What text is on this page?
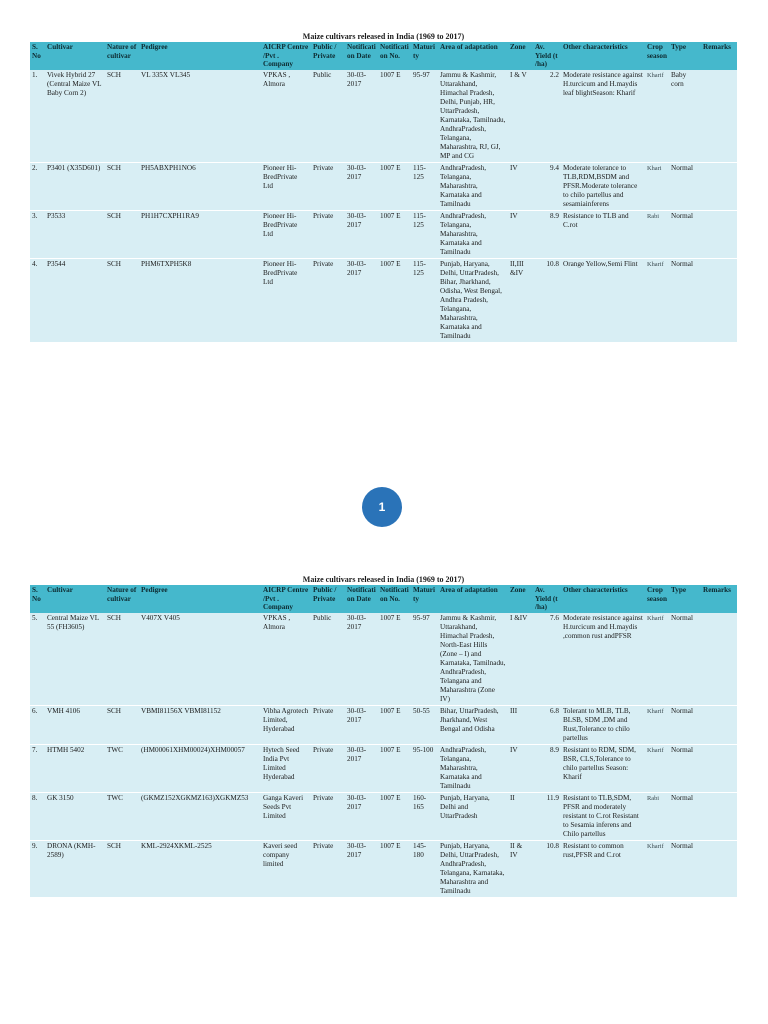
Maize cultivars released in India (1969 to 2017)
S. No	Cultivar	Nature of cultivar	Pedigree	AICRP Centre /Pvt . Company	Public / Private	Notification Date	Notification No.	Maturity	Area of adaptation	Zone	Av. Yield (t /ha)	Other characteristics	Crop season	Type	Remarks
1.	Vivek Hybrid 27 (Central Maize VL Baby Corn 2)	SCH	VL 335X VL345	VPKAS , Almora	Public	30-03-2017	1007 E	95-97	Jammu & Kashmir, Uttarakhand, Himachal Pradesh, Delhi, Punjab, HR, UttarPradesh, Karnataka, Tamilnadu, AndhraPradesh, Telangana, Maharashtra, RJ, GJ, MP and CG	I & V	2.2	Moderate resistance against H.turcicum and H.maydis leaf blightSeason: Kharif	Kharif	Baby corn	
2.	P3401 (X35D601)	SCH	PH5ABXPH1NO6	Pioneer Hi-BredPrivate Ltd	Private	30-03-2017	1007 E	115-125	AndhraPradesh, Telangana, Maharashtra, Karnataka and Tamilnadu	IV	9.4	Moderate tolerance to TLB,RDM,BSDM and PFSR.Moderate tolerance to chilo partellus and sesamiainferens	Khari	Normal	
3.	P3533	SCH	PH1H7CXPH1RA9	Pioneer Hi-BredPrivate Ltd	Private	30-03-2017	1007 E	115-125	AndhraPradesh, Telangana, Maharashtra, Karnataka and Tamilnadu	IV	8.9	Resistance to TLB and C.rot	Rabi	Normal	
4.	P3544	SCH	PHM6TXPH5K8	Pioneer Hi-BredPrivate Ltd	Private	30-03-2017	1007 E	115-125	Punjab, Haryana, Delhi, UttarPradesh, Bihar, Jharkhand, Odisha, West Bengal, Andhra Pradesh, Telangana, Maharashtra, Karnataka and Tamilnadu	II,III &IV	10.8	Orange Yellow,Semi Flint	Kharif	Normal	
1
Maize cultivars released in India (1969 to 2017)
S. No	Cultivar	Nature of cultivar	Pedigree	AICRP Centre /Pvt . Company	Public / Private	Notification Date	Notification No.	Maturity	Area of adaptation	Zone	Av. Yield (t /ha)	Other characteristics	Crop season	Type	Remarks
5.	Central Maize VL 55 (FH3605)	SCH	V407X V405	VPKAS , Almora	Public	30-03-2017	1007 E	95-97	Jammu & Kashmir, Uttarakhand, Himachal Pradesh, North-East Hills (Zone – I) and Karnataka, Tamilnadu, AndhraPradesh, Telangana and Maharashtra (Zone IV)	I &IV	7.6	Moderate resistance against H.turcicum and H.maydis ,common rust andPFSR	Kharif	Normal	
6.	VMH 4106	SCH	VBMI81156X VBMI81152	Vibha Agrotech Limited, Hyderabad	Private	30-03-2017	1007 E	50-55	Bihar, UttarPradesh, Jharkhand, West Bengal and Odisha	III	6.8	Tolerant to MLB, TLB, BLSB, SDM ,DM and Rust,Tolerance to chilo partellus	Kharif	Normal	
7.	HTMH 5402	TWC	(HM00061XHM00024)XHM00057	Hytech Seed India Pvt Limited Hyderabad	Private	30-03-2017	1007 E	95-100	AndhraPradesh, Telangana, Maharashtra, Karnataka and Tamilnadu	IV	8.9	Resistant to RDM, SDM, BSR, CLS,Tolerance to chilo partellus Season: Kharif	Kharif	Normal	
8.	GK 3150	TWC	(GKMZ152XGKMZ163)XGKMZ53	Ganga Kaveri Seeds Pvt Limited	Private	30-03-2017	1007 E	160-165	Punjab, Haryana, Delhi and UttarPradesh	II	11.9	Resistant to TLB,SDM, PFSR and moderately resistant to C.rot Resistant to Sesamia inferens and Chilo partellus	Rabi	Normal	
9.	DRONA (KMH-2589)	SCH	KML-2924XKML-2525	Kaveri seed company limited	Private	30-03-2017	1007 E	145-180	Punjab, Haryana, Delhi, UttarPradesh, AndhraPradesh, Telangana, Karnataka, Maharashtra and Tamilnadu	II & IV	10.8	Resistant to common rust,PFSR and C.rot	Kharif	Normal	
